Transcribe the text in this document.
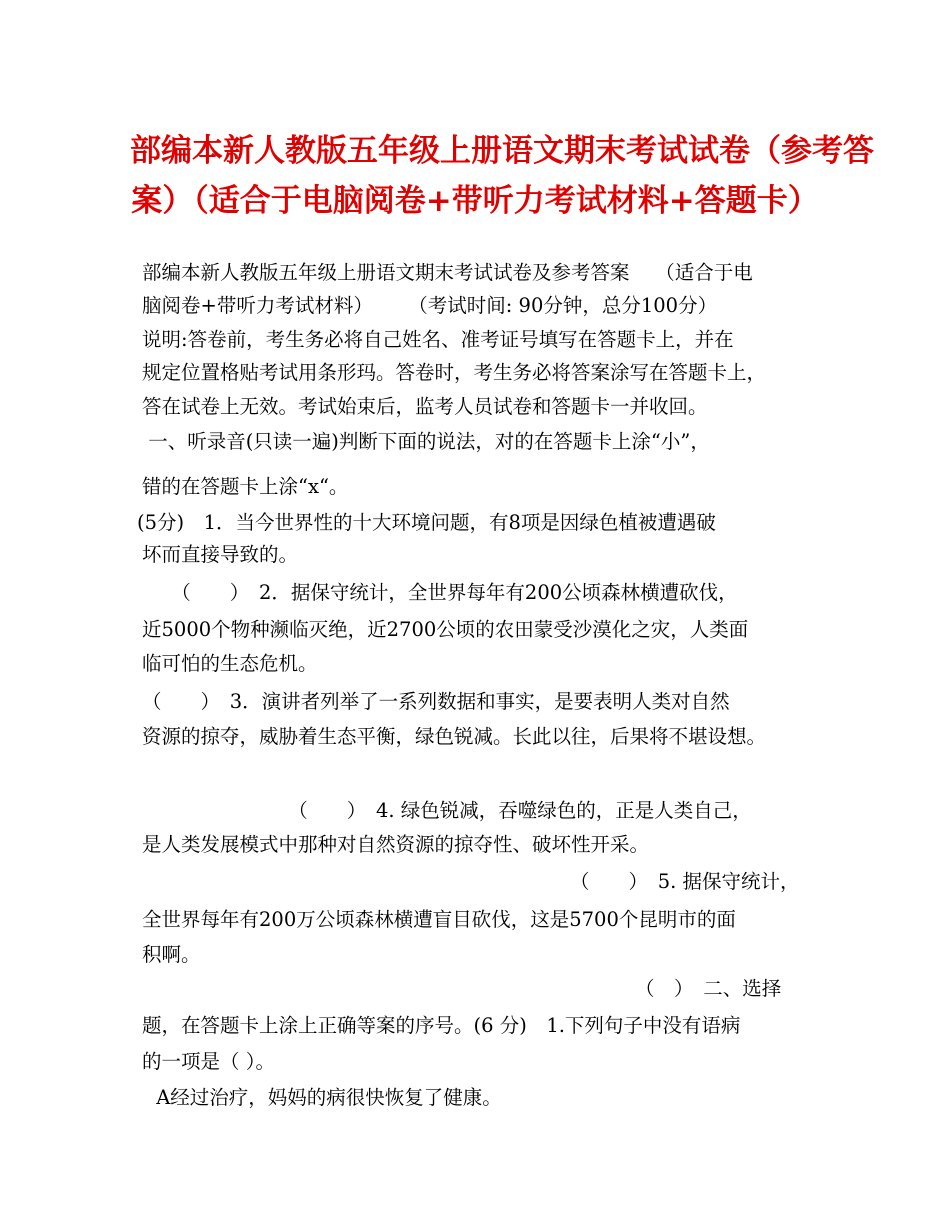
部编本新人教版五年级上册语文期末考试试卷（参考答
案）（适合于电脑阅卷+带听力考试材料+答题卡）
部编本新人教版五年级上册语文期末考试试卷及参考答案　 （适合于电
脑阅卷+带听力考试材料）　　 （考试时间: 90分钟，总分100分）
说明:答卷前，考生务必将自己姓名、准考证号填写在答题卡上，并在
规定位置格贴考试用条形玛。答卷时，考生务必将答案涂写在答题卡上，
答在试卷上无效。考试始束后，监考人员试卷和答题卡一并收回。
一、听录音(只读一遍)判断下面的说法，对的在答题卡上涂“小”，
错的在答题卡上涂“x“。
(5分)　1．当今世界性的十大环境问题，有8项是因绿色植被遭遇破
坏而直接导致的。
　　（　　）　2．据保守统计，全世界每年有200公顷森林横遭砍伐，
近5000个物种濒临灭绝，近2700公顷的农田蒙受沙漠化之灾，人类面
临可怕的生态危机。
（　　）　3．演讲者列举了一系列数据和事实，是要表明人类对自然
资源的掠夺，威胁着生态平衡，绿色锐减。长此以往，后果将不堪设想。
　　　　　　　　（　　）　4. 绿色锐减，吞噬绿色的，正是人类自己，
是人类发展模式中那种对自然资源的掠夺性、破坏性开采。
（　　）　5. 据保守统计，
全世界每年有200万公顷森林横遭盲目砍伐，这是5700个昆明市的面
积啊。
（　）　二、选择
题，在答题卡上涂上正确等案的序号。(6 分)　1.下列句子中没有语病
的一项是（ ）。
A经过治疗，妈妈的病很快恢复了健康。
